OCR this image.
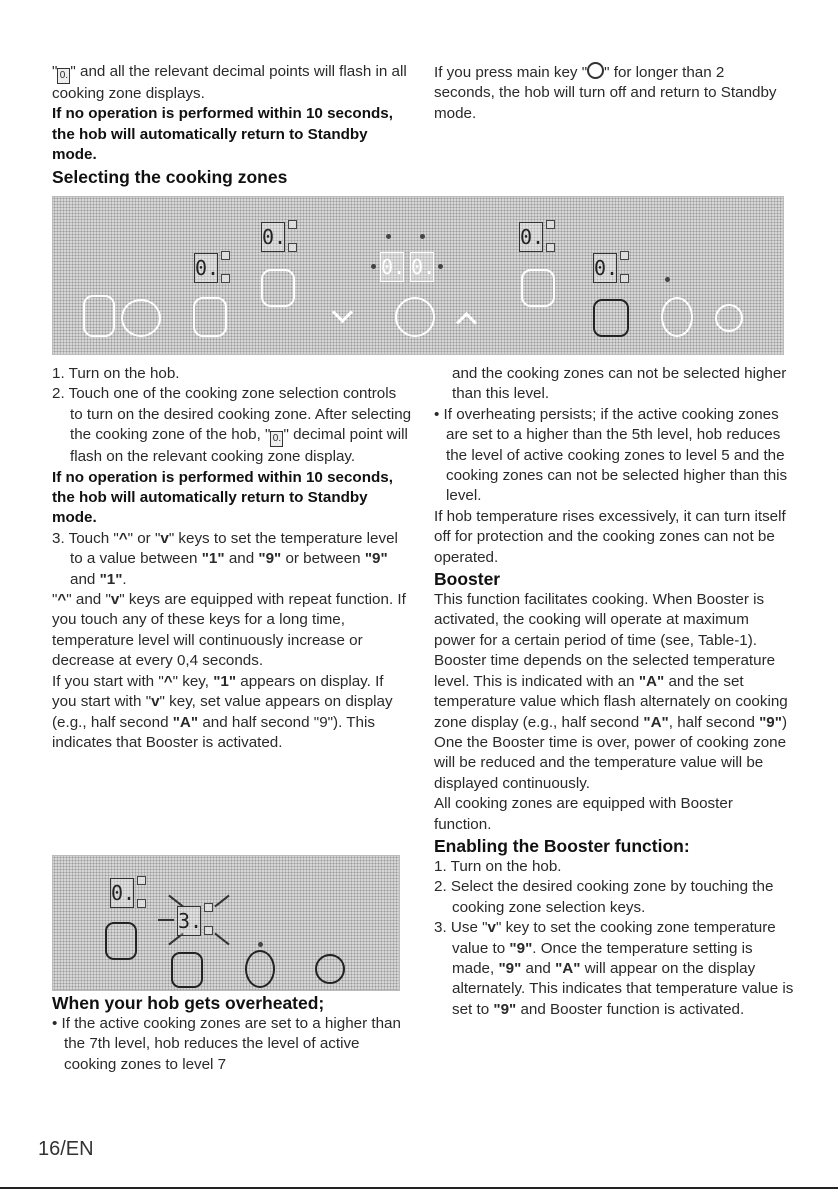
" 0. " and all the relevant decimal points will flash in all cooking zone displays.

If no operation is performed within 10 seconds, the hob will automatically return to Standby mode.

Selecting the cooking zones

If you press main key " " for longer than 2 seconds, the hob will turn off and return to Standby mode.

0.
0.
0. 0.
0.
0.

1. Turn on the hob.

2. Touch one of the cooking zone selection controls to turn on the desired cooking zone. After selecting the cooking zone of the hob, " 0. " decimal point will flash on the relevant cooking zone display.

If no operation is performed within 10 seconds, the hob will automatically return to Standby mode.

3. Touch "^" or "v" keys to set the temperature level to a value between "1" and "9" or between "9" and "1".

"^" and "v" keys are equipped with repeat function. If you touch any of these keys for a long time, temperature level will continuously increase or decrease at every 0,4 seconds.

If you start with "^" key, "1" appears on display. If you start with "v" key, set value appears on display (e.g., half second "A" and half second "9"). This indicates that Booster is activated.

0.
3.

When your hob gets overheated;

• If the active cooking zones are set to a higher than the 7th level, hob reduces the level of active cooking zones to level 7

and the cooking zones can not be selected higher than this level.

• If overheating persists; if the active cooking zones are set to a higher than the 5th level, hob reduces the level of active cooking zones to level 5 and the cooking zones can not be selected higher than this level.

If hob temperature rises excessively, it can turn itself off for protection and the cooking zones can not be operated.

Booster

This function facilitates cooking. When Booster is activated, the cooking will operate at maximum power for a certain period of time (see, Table-1). Booster time depends on the selected temperature level. This is indicated with an "A" and the set temperature value which flash alternately on cooking zone display (e.g., half second "A", half second "9") One the Booster time is over, power of cooking zone will be reduced and the temperature value will be displayed continuously.

All cooking zones are equipped with Booster function.

Enabling the Booster function:

1. Turn on the hob.

2. Select the desired cooking zone by touching the cooking zone selection keys.

3. Use "v" key to set the cooking zone temperature value to "9". Once the temperature setting is made, "9" and "A" will appear on the display alternately. This indicates that temperature value is set to "9" and Booster function is activated.

16/EN
